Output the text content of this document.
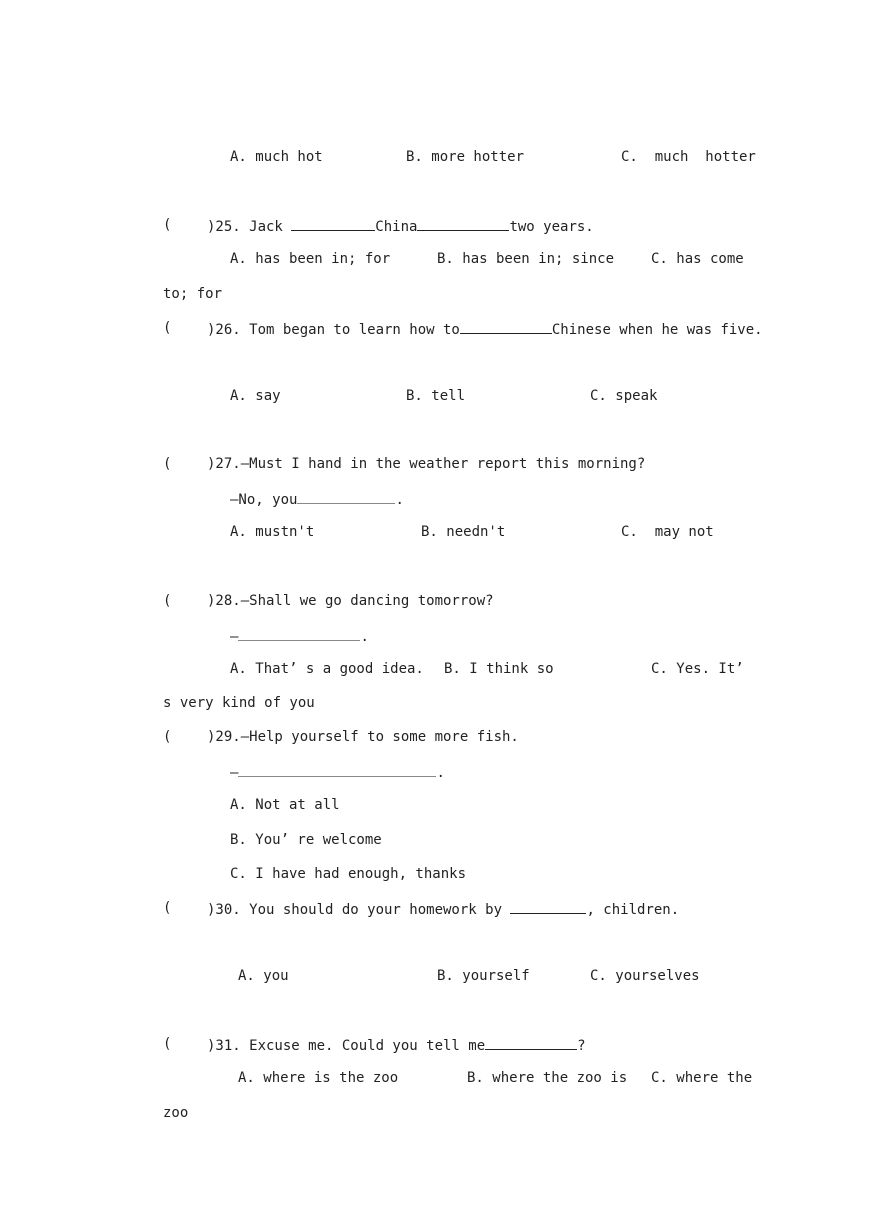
A. much hot	B. more hotter	C.  much  hotter
(	)25. Jack	China	two years.
A. has been in; for	B. has been in; since	C. has come
to; for
(	)26. Tom began to learn how to	Chinese when he was five.
A. say	B. tell	C. speak
(	)27.—Must I hand in the weather report this morning?
—No, you	.
A. mustn't	B. needn't	C.  may not
(	)28.—Shall we go dancing tomorrow?
—	.
A. That’ s a good idea. B. I think so	C. Yes. It’
s very kind of you
(	)29.—Help yourself to some more fish.
—	.
A. Not at all
B. You’ re welcome
C. I have had enough, thanks
(	)30. You should do your homework by	, children.
A. you	B. yourself	C. yourselves
(	)31. Excuse me. Could you tell me	?
A. where is the zoo	B. where the zoo is C. where the
zoo
